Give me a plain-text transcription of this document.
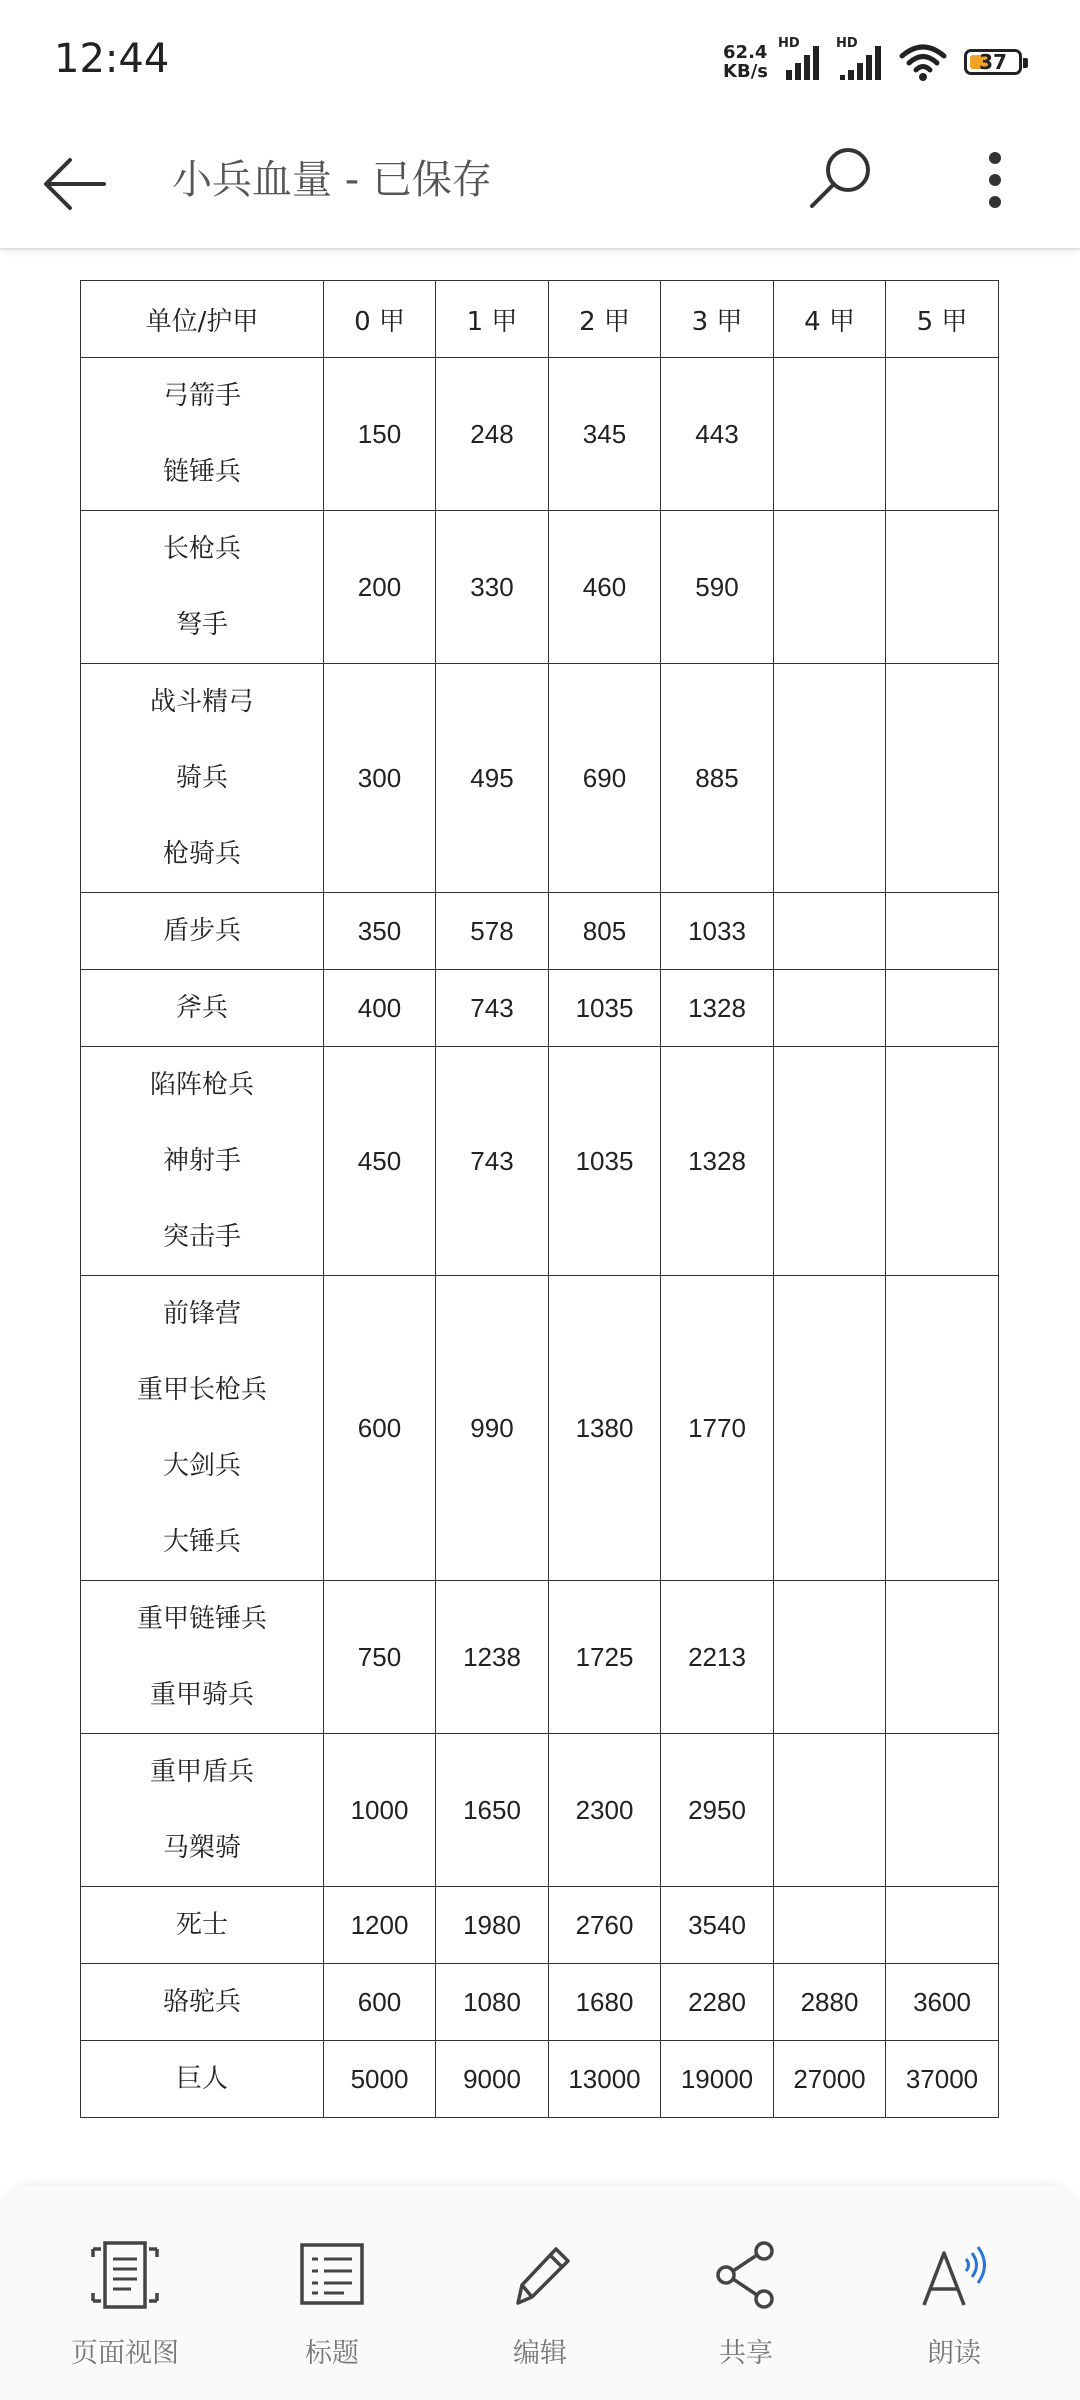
12:44	62.4
KB/s
HD	HD
37
小兵血量 - 已保存
单位/护甲	0 甲	1 甲	2 甲	3 甲	4 甲	5 甲

弓箭手
链锤兵	150	248	345	443		

长枪兵
弩手	200	330	460	590		

战斗精弓
骑兵
枪骑兵	300	495	690	885		

盾步兵	350	578	805	1033		

斧兵	400	743	1035	1328		

陷阵枪兵
神射手
突击手	450	743	1035	1328		

前锋营
重甲长枪兵
大剑兵
大锤兵	600	990	1380	1770		

重甲链锤兵
重甲骑兵	750	1238	1725	2213		

重甲盾兵
马槊骑	1000	1650	2300	2950		

死士	1200	1980	2760	3540		

骆驼兵	600	1080	1680	2280	2880	3600

巨人	5000	9000	13000	19000	27000	37000
页面视图	标题	编辑	共享	朗读
